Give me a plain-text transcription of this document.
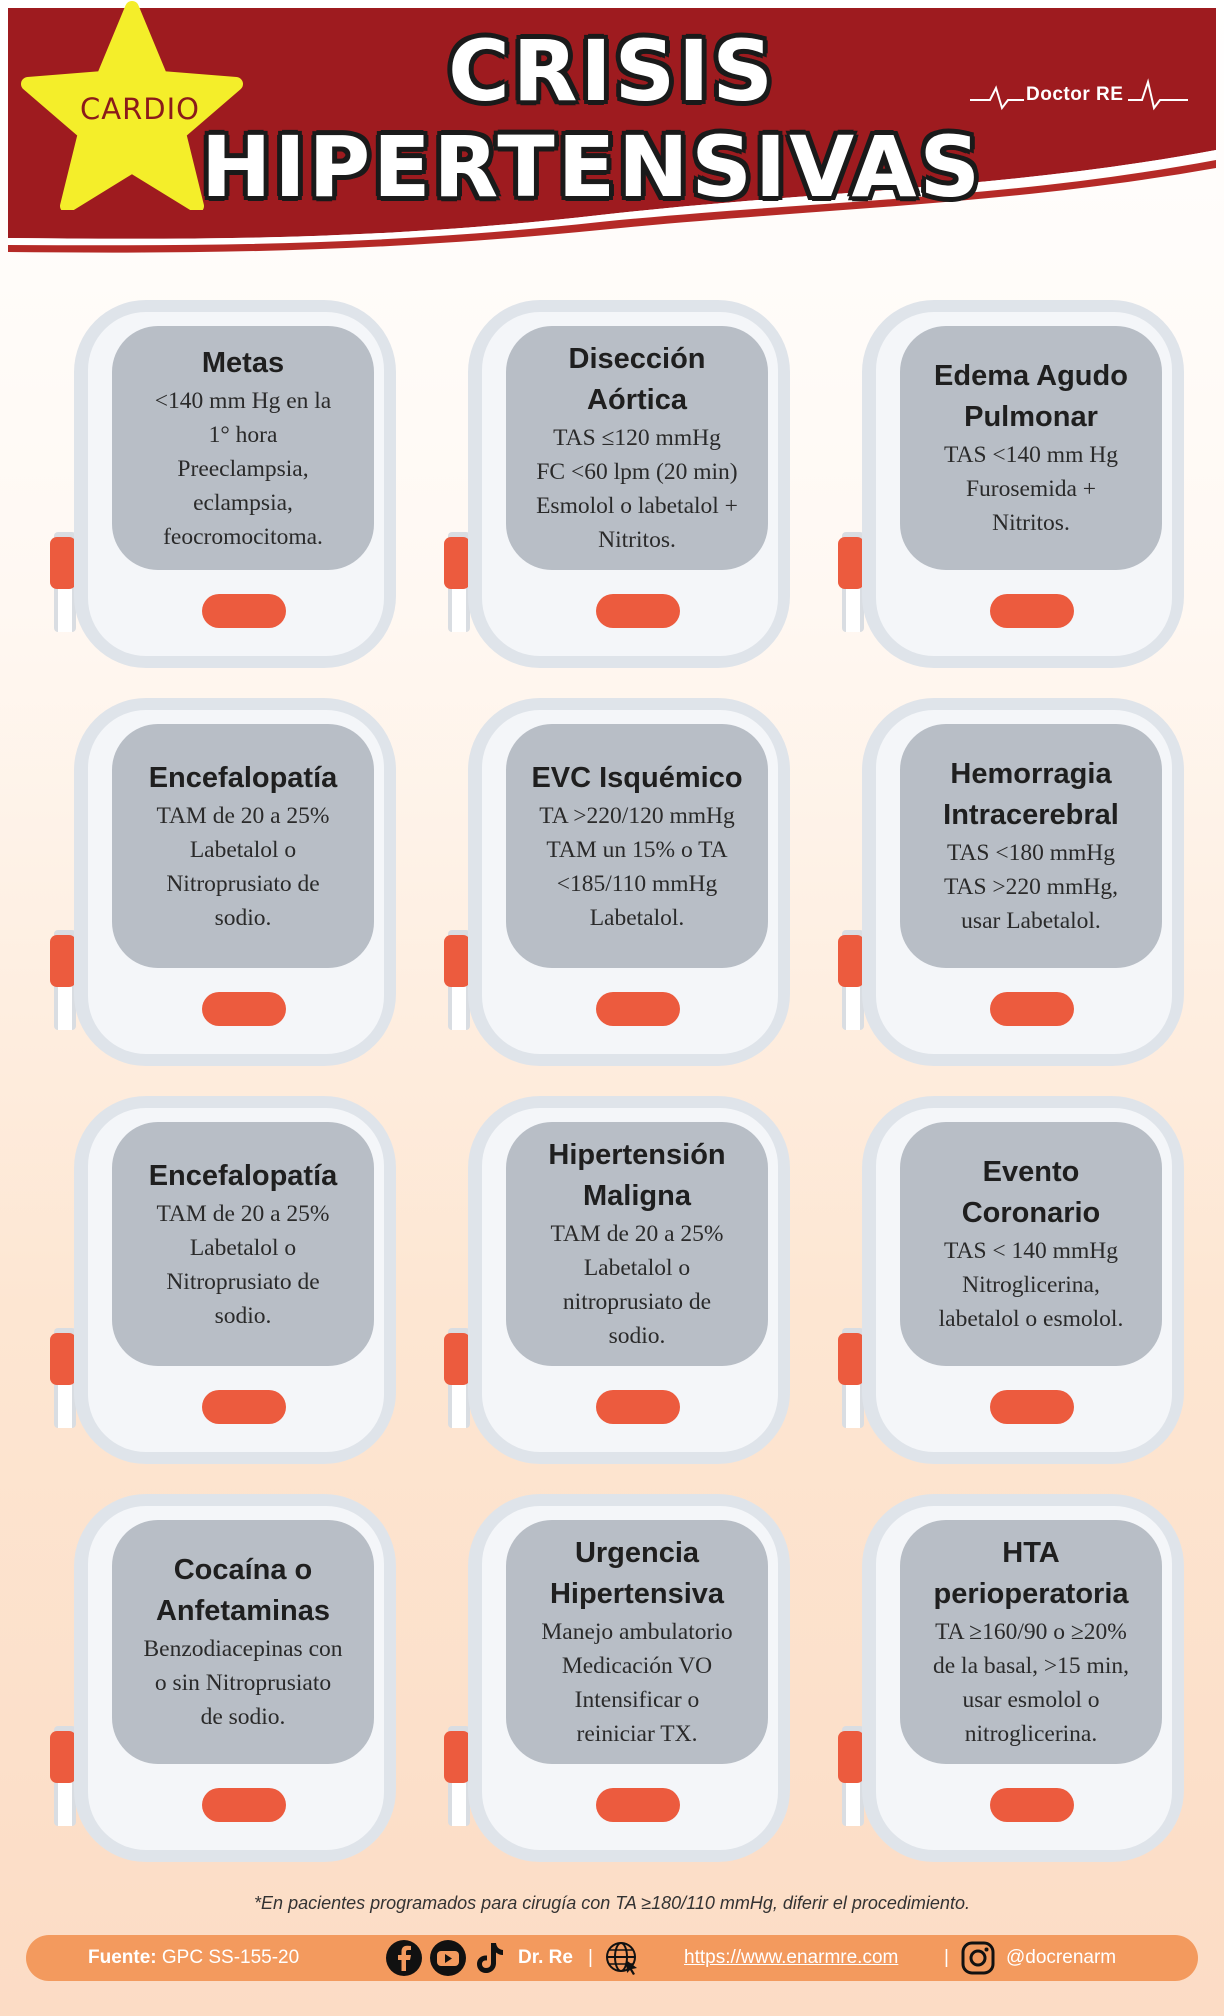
CARDIO	CRISIS
HIPERTENSIVAS
Doctor RE
Metas
<140 mm Hg en la
1° hora
Preeclampsia,
eclampsia,
feocromocitoma.
Disección
Aórtica
TAS ≤120 mmHg
FC <60 lpm (20 min)
Esmolol o labetalol +
Nitritos.
Edema Agudo
Pulmonar
TAS <140 mm Hg
Furosemida +
Nitritos.
Encefalopatía
TAM de 20 a 25%
Labetalol o
Nitroprusiato de
sodio.
EVC Isquémico
TA >220/120 mmHg
TAM un 15% o TA
<185/110 mmHg
Labetalol.
Hemorragia
Intracerebral
TAS <180 mmHg
TAS >220 mmHg,
usar Labetalol.
Encefalopatía
TAM de 20 a 25%
Labetalol o
Nitroprusiato de
sodio.
Hipertensión
Maligna
TAM de 20 a 25%
Labetalol o
nitroprusiato de
sodio.
Evento
Coronario
TAS < 140 mmHg
Nitroglicerina,
labetalol o esmolol.
Cocaína o
Anfetaminas
Benzodiacepinas con
o sin Nitroprusiato
de sodio.
Urgencia
Hipertensiva
Manejo ambulatorio
Medicación VO
Intensificar o
reiniciar TX.
HTA
perioperatoria
TA ≥160/90 o ≥20%
de la basal, >15 min,
usar esmolol o
nitroglicerina.
*En pacientes programados para cirugía con TA ≥180/110 mmHg, diferir el procedimiento.
Fuente: GPC SS-155-20	Dr. Re |	https://www.enarmre.com |	@docrenarm
